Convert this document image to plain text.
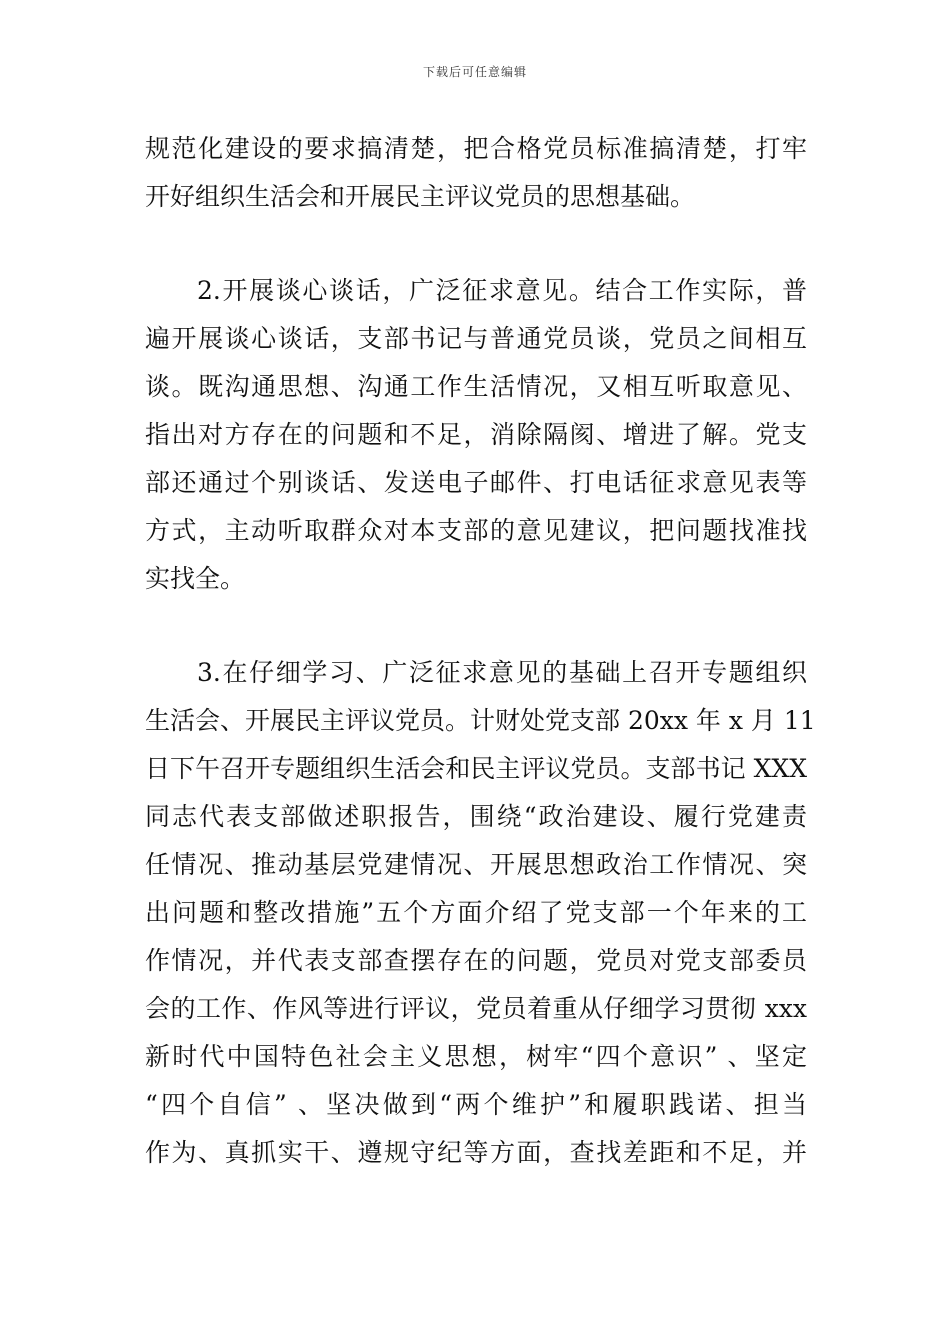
下载后可任意编辑
规范化建设的要求搞清楚，把合格党员标准搞清楚，打牢
开好组织生活会和开展民主评议党员的思想基础。
2.开展谈心谈话，广泛征求意见。结合工作实际，普
遍开展谈心谈话，支部书记与普通党员谈，党员之间相互
谈。既沟通思想、沟通工作生活情况，又相互听取意见、
指出对方存在的问题和不足，消除隔阂、增进了解。党支
部还通过个别谈话、发送电子邮件、打电话征求意见表等
方式，主动听取群众对本支部的意见建议，把问题找准找
实找全。
3.在仔细学习、广泛征求意见的基础上召开专题组织
生活会、开展民主评议党员。计财处党支部 20xx 年 x 月 11
日下午召开专题组织生活会和民主评议党员。支部书记 XXX
同志代表支部做述职报告，围绕“政治建设、履行党建责
任情况、推动基层党建情况、开展思想政治工作情况、突
出问题和整改措施”五个方面介绍了党支部一个年来的工
作情况，并代表支部查摆存在的问题，党员对党支部委员
会的工作、作风等进行评议，党员着重从仔细学习贯彻 xxx
新时代中国特色社会主义思想，树牢“四个意识” 、坚定
“四个自信” 、坚决做到“两个维护”和履职践诺、担当
作为、真抓实干、遵规守纪等方面，查找差距和不足，并
